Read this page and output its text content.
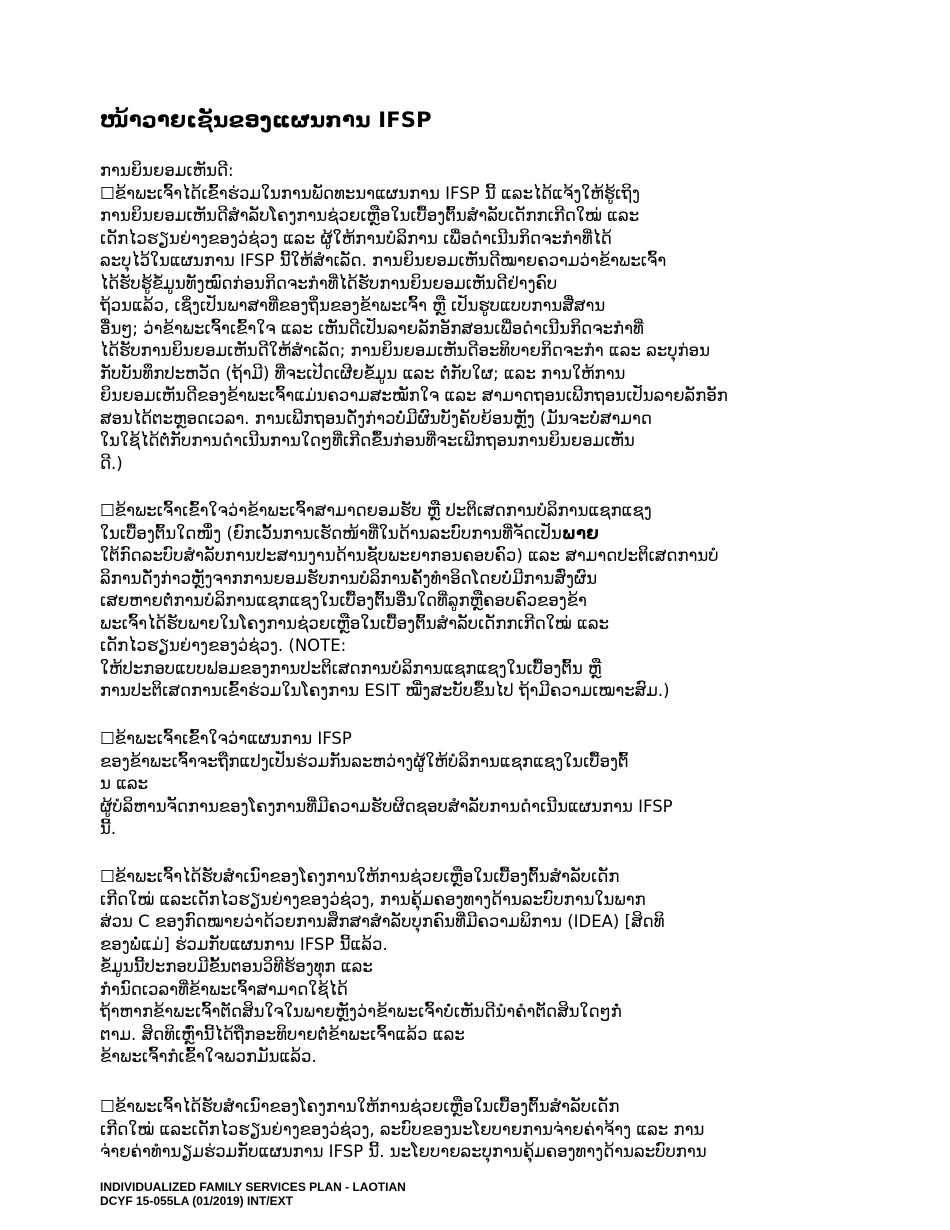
ໜ້າວາຍເຊັນຂອງແຜນການ IFSP
ການຍິນຍອມເຫັນດີ:
☐ຂ້າພະເຈົ້າໄດ້ເຂົ້າຮ່ວມໃນການພັດທະນາແຜນການ IFSP ນີ້ ແລະໄດ້ແຈ້ງໃຫ້ຮູ້ເຖິງ
ການຍິນຍອມເຫັນດີສຳລັບໂຄງການຊ່ວຍເຫຼືອໃນເບື້ອງຕົ້ນສຳລັບເດັກກເກີດໃໝ່ ແລະ
ເດັກໄວຮຽນຍ່າງຂອງວ່ຊ່ວງ ແລະ ຜູ້ໃຫ້ການບໍລິການ ເພື່ອດຳເນີນກິດຈະກຳທີ່ໄດ້
ລະບຸໄວ້ໃນແຜນການ IFSP ນີ້ໃຫ້ສຳເລັດ. ການຍິນຍອມເຫັນດີໝາຍຄວາມວ່າຂ້າພະເຈົ້າ
ໄດ້ຮັບຮູ້ຂໍ້ມູນທັງໝົດກ່ອນກິດຈະກຳທີ່ໄດ້ຮັບການຍິນຍອມເຫັນດີຢ່າງຄົບ
ຖ້ວນແລ້ວ, ເຊິ່ງເປັນພາສາທີ່ຂອງຖິ່ນຂອງຂ້າພະເຈົ້າ ຫຼື ເປັນຮູບແບບການສື່ສານ
ອື່ນໆ; ວ່າຂ້າພະເຈົ້າເຂົ້າໃຈ ແລະ ເຫັນດີເປັນລາຍລັກອັກສອນເພື່ອດຳເນີນກິດຈະກຳທີ່
ໄດ້ຮັບການຍິນຍອມເຫັນດີໃຫ້ສຳເລັດ; ການຍິນຍອມເຫັນດີອະທິບາຍກິດຈະກຳ ແລະ ລະບຸກ່ອນ
ກັບບັນທຶກປະຫວັດ (ຖ້າມີ) ທີ່ຈະເປີດເຜີຍຂໍ້ມູນ ແລະ ຕໍ່ກັບໃຜ; ແລະ ການໃຫ້ການ
ຍິນຍອມເຫັນດີຂອງຂ້າພະເຈົ້າແມ່ນຄວາມສະໝັກໃຈ ແລະ ສາມາດຖອນເພີກຖອນເປັນລາຍລັກອັກ
ສອນໄດ້ຕະຫຼອດເວລາ. ການເພີກຖອນດັ່ງກ່າວບໍ່ມີຜົນບັງຄັບຍ້ອນຫຼັງ (ມັນຈະບໍ່ສາມາດ
ໃນໃຊ້ໄດ້ຕໍ່ກັບການດຳເນີນການໃດໆທີ່ເກີດຂຶ້ນກ່ອນທີ່ຈະເພີກຖອນການຍິນຍອມເຫັນ
ດີ.)
☐ຂ້າພະເຈົ້າເຂົ້າໃຈວ່າຂ້າພະເຈົ້າສາມາດຍອມຮັບ ຫຼື ປະຕິເສດການບໍລິການແຊກແຊງ
ໃນເບື້ອງຕົ້ນໃດໜຶ່ງ (ຍົກເວັ້ນການເຮັດໜ້າທີ່ໃນດ້ານລະບົບການທີ່ຈັດເປັນພາຍ
ໃຕ້ກົດລະບົບສຳລັບການປະສານງານດ້ານຊັບພະຍາກອນຄອບຄົວ) ແລະ ສາມາດປະຕິເສດການບໍ
ລິການດັ່ງກ່າວຫຼັງຈາກການຍອມຮັບການບໍລິການຄັ້ງທຳອິດໂດຍບໍ່ມີການສົ່ງຜົນ
ເສຍຫາຍຕໍ່ການບໍລິການແຊກແຊງໃນເບື້ອງຕົ້ນອື່ນໃດທີ່ລູກຫຼືຄອບຄົວຂອງຂ້າ
ພະເຈົ້າໄດ້ຮັບພາຍໃນໂຄງການຊ່ວຍເຫຼືອໃນເບື້ອງຕົ້ນສຳລັບເດັກກເກີດໃໝ່ ແລະ
ເດັກໄວຮຽນຍ່າງຂອງວ່ຊ່ວງ. (NOTE:
ໃຫ້ປະກອບແບບຟອມຂອງການປະຕິເສດການບໍລິການແຊກແຊງໃນເບື້ອງຕົ້ນ ຫຼື
ການປະຕິເສດການເຂົ້າຮ່ວມໃນໂຄງການ ESIT ໝີ່ງສະບັບຂຶ້ນໄປ ຖ້າມີຄວາມເໝາະສົມ.)
☐ຂ້າພະເຈົ້າເຂົ້າໃຈວ່າແຜນການ IFSP
ຂອງຂ້າພະເຈົ້າຈະຖືກແປງເປັນຮ່ວມກັນລະຫວ່າງຜູ້ໃຫ້ບໍລິການແຊກແຊງໃນເບື້ອງຕົ້
ນ ແລະ
ຜູ້ບໍລິຫານຈັດການຂອງໂຄງການທີ່ມີຄວາມຮັບຜິດຊອບສຳລັບການດຳເນີນແຜນການ IFSP
ນີ້.
☐ຂ້າພະເຈົ້າໄດ້ຮັບສຳເນົາຂອງໂຄງການໃຫ້ການຊ່ວຍເຫຼືອໃນເບື້ອງຕົ້ນສຳລັບເດັກ
ເກີດໃໝ່ ແລະເດັກໄວຮຽນຍ່າງຂອງວ່ຊ່ວງ, ການຄຸ້ມຄອງທາງດ້ານລະບົບການໃນພາກ
ສ່ວນ C ຂອງກົດໝາຍວ່າດ້ວຍການສຶກສາສຳລັບບຸກຄົນທີ່ມີຄວາມພິການ (IDEA) [ສິດທິ
ຂອງພໍ່ແມ່] ຮ່ວມກັບແຜນການ IFSP ນີ້ແລ້ວ.
ຂໍ້ມູນນີ້ປະກອບມີຂັ້ນຕອນວິທີຮ້ອງທຸກ ແລະ
ກຳນົດເວລາທີ່ຂ້າພະເຈົ້າສາມາດໃຊ້ໄດ້
ຖ້າຫາກຂ້າພະເຈົ້າຕັດສິນໃຈໃນພາຍຫຼັງວ່າຂ້າພະເຈົ້າບໍ່ເຫັນດີນຳຄຳຕັດສິນໃດໆກໍ່
ຕາມ. ສິດທິເຫຼົ່ານີ້ໄດ້ຖືກອະທິບາຍຕໍ່ຂ້າພະເຈົ້າແລ້ວ ແລະ
ຂ້າພະເຈົ້າກໍເຂົ້າໃຈພວກມັນແລ້ວ.
☐ຂ້າພະເຈົ້າໄດ້ຮັບສຳເນົາຂອງໂຄງການໃຫ້ການຊ່ວຍເຫຼືອໃນເບື້ອງຕົ້ນສຳລັບເດັກ
ເກີດໃໝ່ ແລະເດັກໄວຮຽນຍ່າງຂອງວ່ຊ່ວງ, ລະບົບຂອງນະໂຍບາຍການຈ່າຍຄ່າຈ້າງ ແລະ ການ
ຈ່າຍຄ່າທຳນຽມຮ່ວມກັບແຜນການ IFSP ນີ້. ນະໂຍບາຍລະບຸການຄຸ້ມຄອງທາງດ້ານລະບົບການ
INDIVIDUALIZED FAMILY SERVICES PLAN - LAOTIAN
DCYF 15-055LA (01/2019) INT/EXT
